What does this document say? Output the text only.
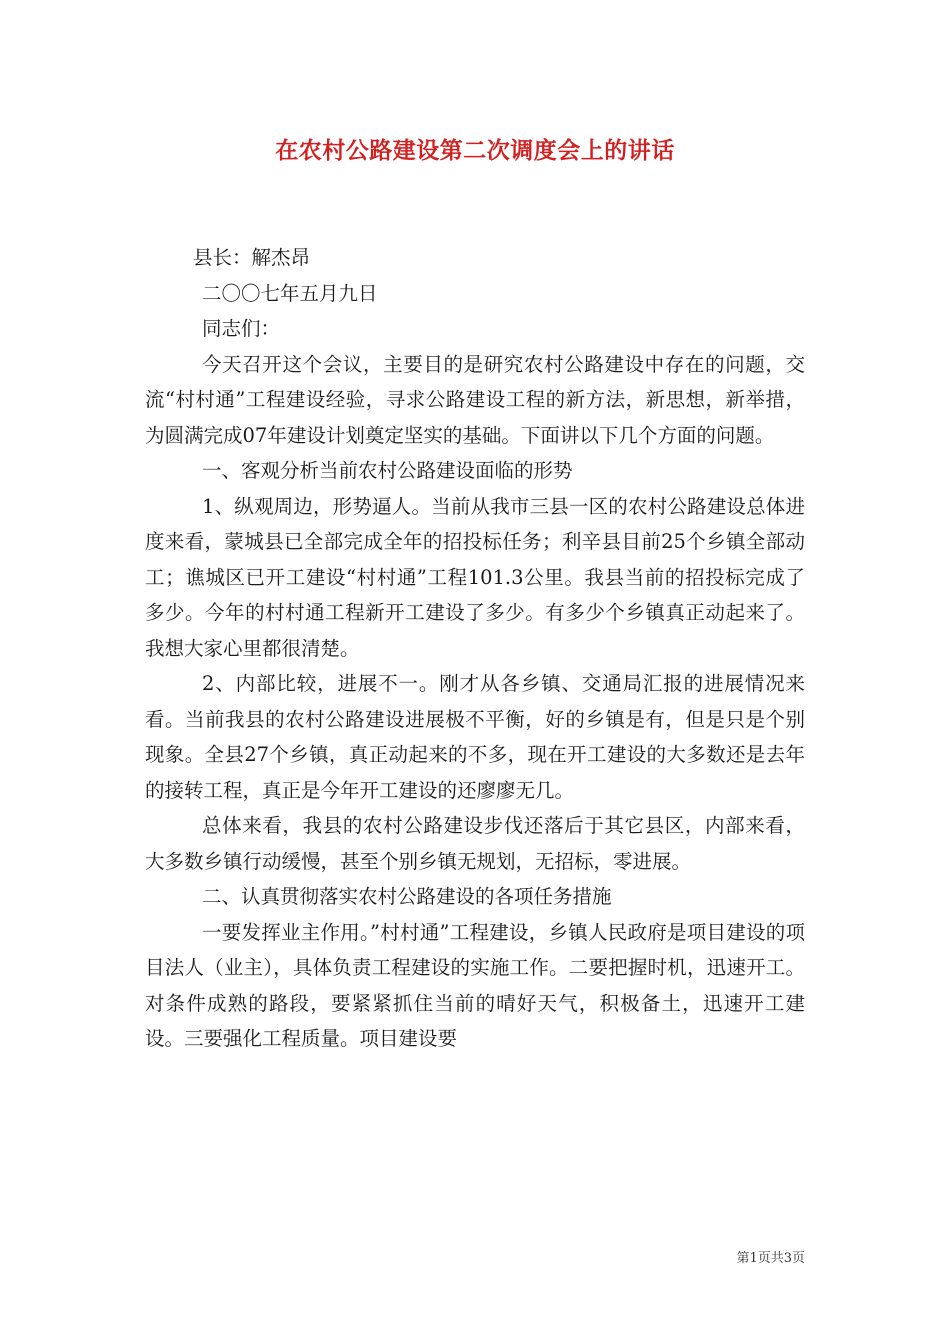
在农村公路建设第二次调度会上的讲话

县长：解杰昂

二〇〇七年五月九日

同志们：

今天召开这个会议，主要目的是研究农村公路建设中存在的问题，交流“村村通”工程建设经验，寻求公路建设工程的新方法，新思想，新举措，为圆满完成07年建设计划奠定坚实的基础。下面讲以下几个方面的问题。

一、客观分析当前农村公路建设面临的形势

1、纵观周边，形势逼人。当前从我市三县一区的农村公路建设总体进度来看，蒙城县已全部完成全年的招投标任务；利辛县目前25个乡镇全部动工；谯城区已开工建设“村村通”工程101.3公里。我县当前的招投标完成了多少。今年的村村通工程新开工建设了多少。有多少个乡镇真正动起来了。我想大家心里都很清楚。

2、内部比较，进展不一。刚才从各乡镇、交通局汇报的进展情况来看。当前我县的农村公路建设进展极不平衡，好的乡镇是有，但是只是个别现象。全县27个乡镇，真正动起来的不多，现在开工建设的大多数还是去年的接转工程，真正是今年开工建设的还廖廖无几。

总体来看，我县的农村公路建设步伐还落后于其它县区，内部来看，大多数乡镇行动缓慢，甚至个别乡镇无规划，无招标，零进展。

二、认真贯彻落实农村公路建设的各项任务措施

一要发挥业主作用。”村村通”工程建设，乡镇人民政府是项目建设的项目法人（业主），具体负责工程建设的实施工作。二要把握时机，迅速开工。对条件成熟的路段，要紧紧抓住当前的晴好天气，积极备土，迅速开工建设。三要强化工程质量。项目建设要

第1页共3页
